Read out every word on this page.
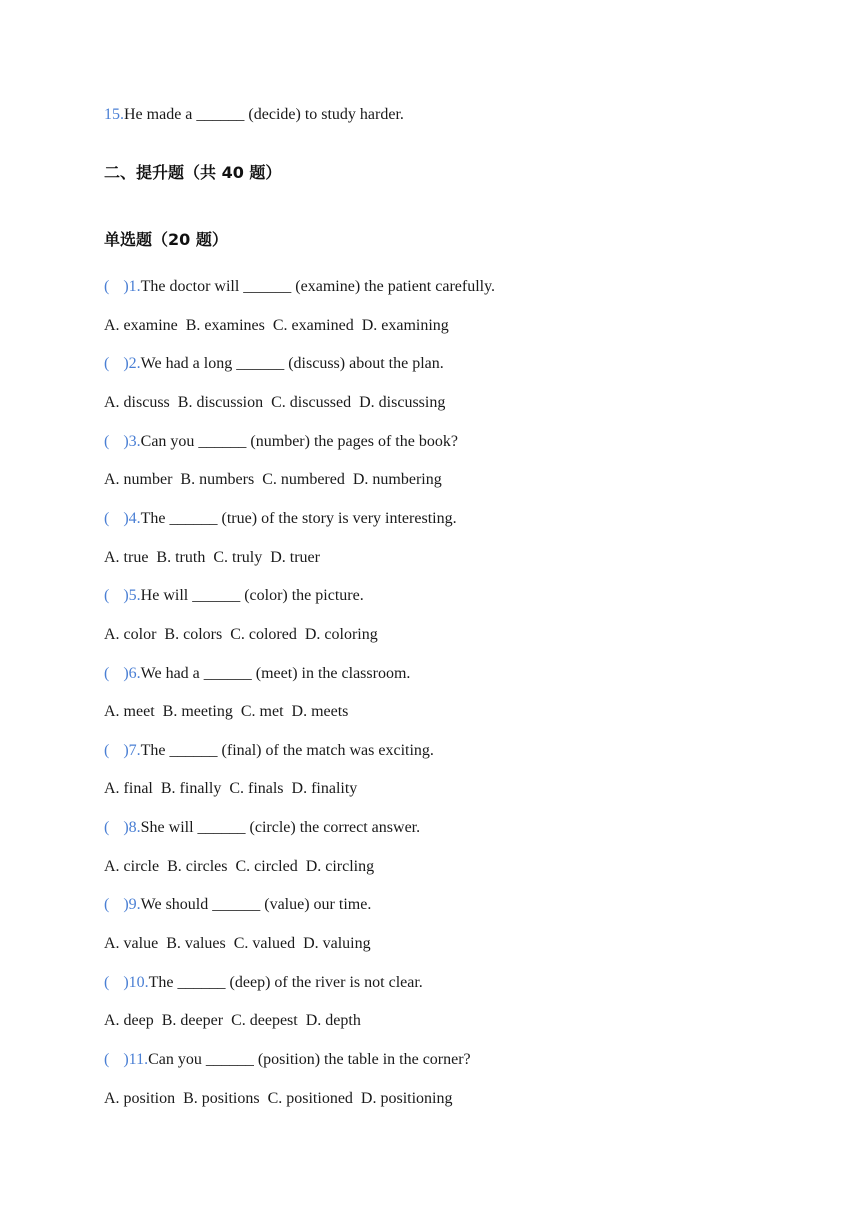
15.He made a ______ (decide) to study harder.
二、提升题（共 40 题）
单选题（20 题）
( )1.The doctor will ______ (examine) the patient carefully.
A. examine  B. examines  C. examined  D. examining
( )2.We had a long ______ (discuss) about the plan.
A. discuss  B. discussion  C. discussed  D. discussing
( )3.Can you ______ (number) the pages of the book?
A. number  B. numbers  C. numbered  D. numbering
( )4.The ______ (true) of the story is very interesting.
A. true  B. truth  C. truly  D. truer
( )5.He will ______ (color) the picture.
A. color  B. colors  C. colored  D. coloring
( )6.We had a ______ (meet) in the classroom.
A. meet  B. meeting  C. met  D. meets
( )7.The ______ (final) of the match was exciting.
A. final  B. finally  C. finals  D. finality
( )8.She will ______ (circle) the correct answer.
A. circle  B. circles  C. circled  D. circling
( )9.We should ______ (value) our time.
A. value  B. values  C. valued  D. valuing
( )10.The ______ (deep) of the river is not clear.
A. deep  B. deeper  C. deepest  D. depth
( )11.Can you ______ (position) the table in the corner?
A. position  B. positions  C. positioned  D. positioning
